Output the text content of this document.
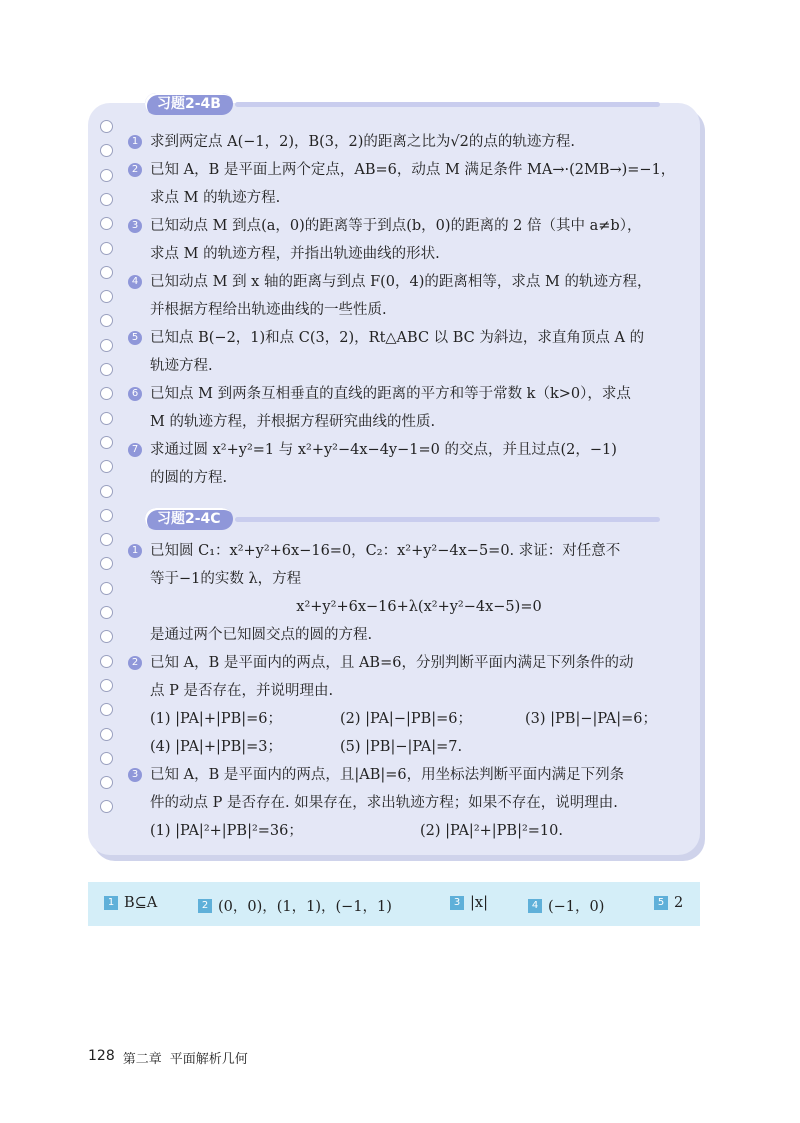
习题2-4B
1 求到两定点 A(−1，2)，B(3，2)的距离之比为√2的点的轨迹方程.
2 已知 A，B 是平面上两个定点，AB=6，动点 M 满足条件 MA→·(2MB→)=−1，
求点 M 的轨迹方程.
3 已知动点 M 到点(a，0)的距离等于到点(b，0)的距离的 2 倍（其中 a≠b），
求点 M 的轨迹方程，并指出轨迹曲线的形状.
4 已知动点 M 到 x 轴的距离与到点 F(0，4)的距离相等，求点 M 的轨迹方程，
并根据方程给出轨迹曲线的一些性质.
5 已知点 B(−2，1)和点 C(3，2)，Rt△ABC 以 BC 为斜边，求直角顶点 A 的
轨迹方程.
6 已知点 M 到两条互相垂直的直线的距离的平方和等于常数 k（k>0），求点
M 的轨迹方程，并根据方程研究曲线的性质.
7 求通过圆 x²+y²=1 与 x²+y²−4x−4y−1=0 的交点，并且过点(2，−1)
的圆的方程.
习题2-4C
1 已知圆 C₁：x²+y²+6x−16=0，C₂：x²+y²−4x−5=0. 求证：对任意不
等于−1的实数 λ，方程
x²+y²+6x−16+λ(x²+y²−4x−5)=0
是通过两个已知圆交点的圆的方程.
2 已知 A，B 是平面内的两点，且 AB=6，分别判断平面内满足下列条件的动
点 P 是否存在，并说明理由.
(1) |PA|+|PB|=6；	(2) |PA|−|PB|=6；	(3) |PB|−|PA|=6；
(4) |PA|+|PB|=3；	(5) |PB|−|PA|=7.
3 已知 A，B 是平面内的两点，且|AB|=6，用坐标法判断平面内满足下列条
件的动点 P 是否存在. 如果存在，求出轨迹方程；如果不存在，说明理由.
(1) |PA|²+|PB|²=36；	(2) |PA|²+|PB|²=10.
1 B⊆A	2 (0，0)，(1，1)，(−1，1)	3 |x|	4 (−1，0)	5 2
128 第二章 平面解析几何
